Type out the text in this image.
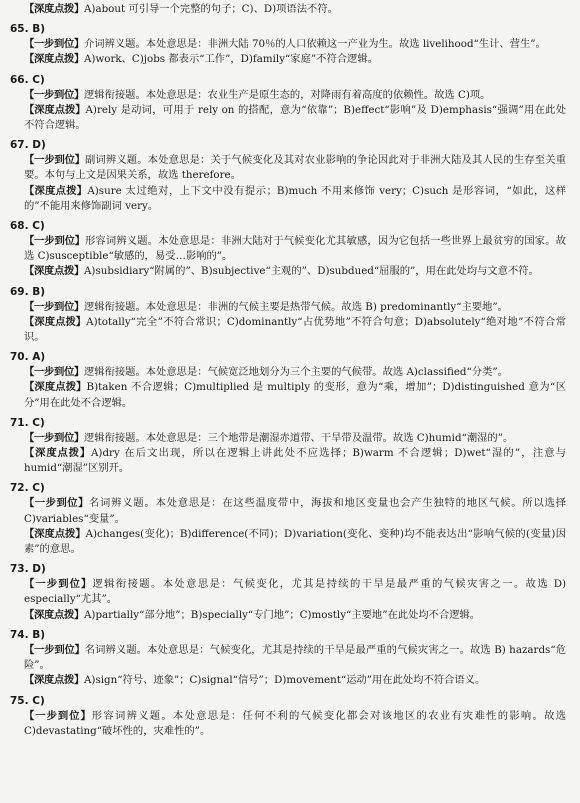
【深度点拨】A)about 可引导一个完整的句子；C)、D)项语法不符。

65. B)

【一步到位】介词辨义题。本处意思是：非洲大陆 70％的人口依赖这一产业为生。故选 livelihood“生计、营生”。

【深度点拨】A)work、C)jobs 都表示“工作”，D)family“家庭”不符合逻辑。

66. C)

【一步到位】逻辑衔接题。本处意思是：农业生产是原生态的，对降雨有着高度的依赖性。故选 C)项。

【深度点拨】A)rely 是动词，可用于 rely on 的搭配，意为“依靠”；B)effect“影响”及 D)emphasis“强调”用在此处不符合逻辑。

67. D)

【一步到位】副词辨义题。本处意思是：关于气候变化及其对农业影响的争论因此对于非洲大陆及其人民的生存至关重要。本句与上文是因果关系，故选 therefore。

【深度点拨】A)sure 太过绝对，上下文中没有提示；B)much 不用来修饰 very；C)such 是形容词，“如此，这样的”不能用来修饰副词 very。

68. C)

【一步到位】形容词辨义题。本处意思是：非洲大陆对于气候变化尤其敏感，因为它包括一些世界上最贫穷的国家。故选 C)susceptible“敏感的，易受…影响的”。

【深度点拨】A)subsidiary“附属的”、B)subjective“主观的”、D)subdued“屈服的”，用在此处均与文意不符。

69. B)

【一步到位】逻辑衔接题。本处意思是：非洲的气候主要是热带气候。故选 B) predominantly“主要地”。

【深度点拨】A)totally“完全”不符合常识；C)dominantly“占优势地”不符合句意；D)absolutely“绝对地”不符合常识。

70. A)

【一步到位】逻辑衔接题。本处意思是：气候宽泛地划分为三个主要的气候带。故选 A)classified“分类”。

【深度点拨】B)taken 不合逻辑；C)multiplied 是 multiply 的变形，意为“乘，增加”；D)distinguished 意为“区分”用在此处不合逻辑。

71. C)

【一步到位】逻辑衔接题。本处意思是：三个地带是潮湿赤道带、干旱带及温带。故选 C)humid“潮湿的”。

【深度点拨】A)dry 在后文出现，所以在逻辑上讲此处不应选择；B)warm 不合逻辑；D)wet“湿的”，注意与 humid“潮湿”区别开。

72. C)

【一步到位】名词辨义题。本处意思是：在这些温度带中，海拔和地区变量也会产生独特的地区气候。所以选择 C)variables“变量”。

【深度点拨】A)changes(变化)；B)difference(不同)；D)variation(变化、变种)均不能表达出“影响气候的(变量)因素”的意思。

73. D)

【一步到位】逻辑衔接题。本处意思是：气候变化，尤其是持续的干旱是最严重的气候灾害之一。故选 D) especially“尤其”。

【深度点拨】A)partially“部分地”；B)specially“专门地”；C)mostly“主要地”在此处均不合逻辑。

74. B)

【一步到位】名词辨义题。本处意思是：气候变化，尤其是持续的干旱是最严重的气候灾害之一。故选 B) hazards“危险”。

【深度点拨】A)sign“符号、迹象”；C)signal“信号”；D)movement“运动”用在此处均不符合语义。

75. C)

【一步到位】形容词辨义题。本处意思是：任何不利的气候变化都会对该地区的农业有灾难性的影响。故选 C)devastating“破坏性的，灾难性的”。
